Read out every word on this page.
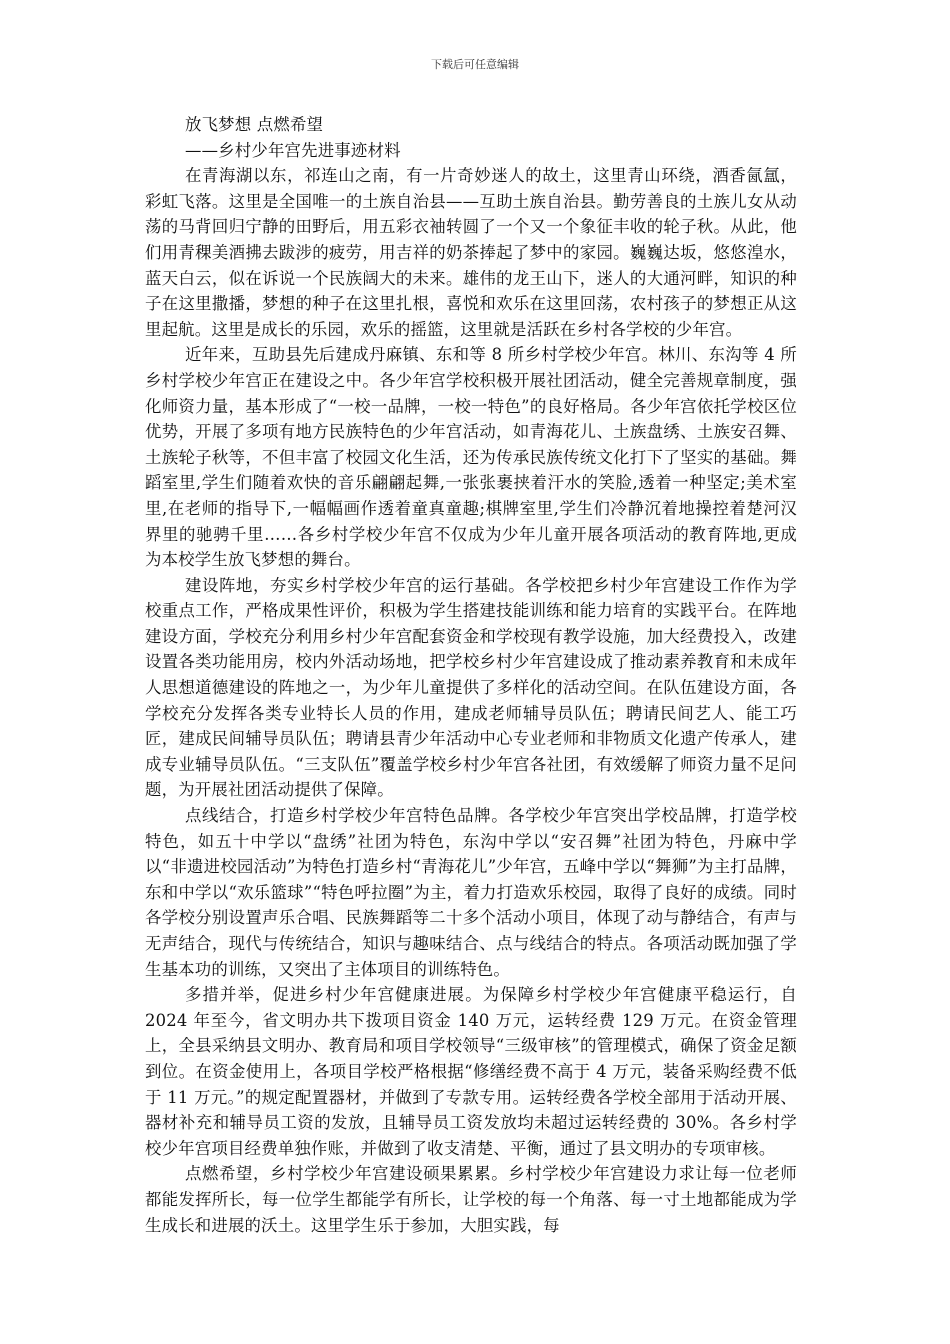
下载后可任意编辑

放飞梦想 点燃希望

——乡村少年宫先进事迹材料

在青海湖以东，祁连山之南，有一片奇妙迷人的故土，这里青山环绕，酒香氤氲，彩虹飞落。这里是全国唯一的土族自治县——互助土族自治县。勤劳善良的土族儿女从动荡的马背回归宁静的田野后，用五彩衣袖转圆了一个又一个象征丰收的轮子秋。从此，他们用青稞美酒拂去跋涉的疲劳，用吉祥的奶茶捧起了梦中的家园。巍巍达坂，悠悠湟水，蓝天白云，似在诉说一个民族阔大的未来。雄伟的龙王山下，迷人的大通河畔，知识的种子在这里撒播，梦想的种子在这里扎根，喜悦和欢乐在这里回荡，农村孩子的梦想正从这里起航。这里是成长的乐园，欢乐的摇篮，这里就是活跃在乡村各学校的少年宫。

近年来，互助县先后建成丹麻镇、东和等 8 所乡村学校少年宫。林川、东沟等 4 所乡村学校少年宫正在建设之中。各少年宫学校积极开展社团活动，健全完善规章制度，强化师资力量，基本形成了“一校一品牌，一校一特色”的良好格局。各少年宫依托学校区位优势，开展了多项有地方民族特色的少年宫活动，如青海花儿、土族盘绣、土族安召舞、土族轮子秋等，不但丰富了校园文化生活，还为传承民族传统文化打下了坚实的基础。舞蹈室里,学生们随着欢快的音乐翩翩起舞,一张张裹挟着汗水的笑脸,透着一种坚定;美术室里,在老师的指导下,一幅幅画作透着童真童趣;棋牌室里,学生们冷静沉着地操控着楚河汉界里的驰骋千里……各乡村学校少年宫不仅成为少年儿童开展各项活动的教育阵地,更成为本校学生放飞梦想的舞台。

建设阵地，夯实乡村学校少年宫的运行基础。各学校把乡村少年宫建设工作作为学校重点工作，严格成果性评价，积极为学生搭建技能训练和能力培育的实践平台。在阵地建设方面，学校充分利用乡村少年宫配套资金和学校现有教学设施，加大经费投入，改建设置各类功能用房，校内外活动场地，把学校乡村少年宫建设成了推动素养教育和未成年人思想道德建设的阵地之一，为少年儿童提供了多样化的活动空间。在队伍建设方面，各学校充分发挥各类专业特长人员的作用，建成老师辅导员队伍；聘请民间艺人、能工巧匠，建成民间辅导员队伍；聘请县青少年活动中心专业老师和非物质文化遗产传承人，建成专业辅导员队伍。“三支队伍”覆盖学校乡村少年宫各社团，有效缓解了师资力量不足问题，为开展社团活动提供了保障。

点线结合，打造乡村学校少年宫特色品牌。各学校少年宫突出学校品牌，打造学校特色，如五十中学以“盘绣”社团为特色，东沟中学以“安召舞”社团为特色，丹麻中学以“非遗进校园活动”为特色打造乡村“青海花儿”少年宫，五峰中学以“舞狮”为主打品牌，东和中学以“欢乐篮球”“特色呼拉圈”为主，着力打造欢乐校园，取得了良好的成绩。同时各学校分别设置声乐合唱、民族舞蹈等二十多个活动小项目，体现了动与静结合，有声与无声结合，现代与传统结合，知识与趣味结合、点与线结合的特点。各项活动既加强了学生基本功的训练，又突出了主体项目的训练特色。

多措并举，促进乡村少年宫健康进展。为保障乡村学校少年宫健康平稳运行，自 2024 年至今，省文明办共下拨项目资金 140 万元，运转经费 129 万元。在资金管理上，全县采纳县文明办、教育局和项目学校领导“三级审核”的管理模式，确保了资金足额到位。在资金使用上，各项目学校严格根据“修缮经费不高于 4 万元，装备采购经费不低于 11 万元。”的规定配置器材，并做到了专款专用。运转经费各学校全部用于活动开展、器材补充和辅导员工资的发放，且辅导员工资发放均未超过运转经费的 30%。各乡村学校少年宫项目经费单独作账，并做到了收支清楚、平衡，通过了县文明办的专项审核。

点燃希望，乡村学校少年宫建设硕果累累。乡村学校少年宫建设力求让每一位老师都能发挥所长，每一位学生都能学有所长，让学校的每一个角落、每一寸土地都能成为学生成长和进展的沃土。这里学生乐于参加，大胆实践，每
